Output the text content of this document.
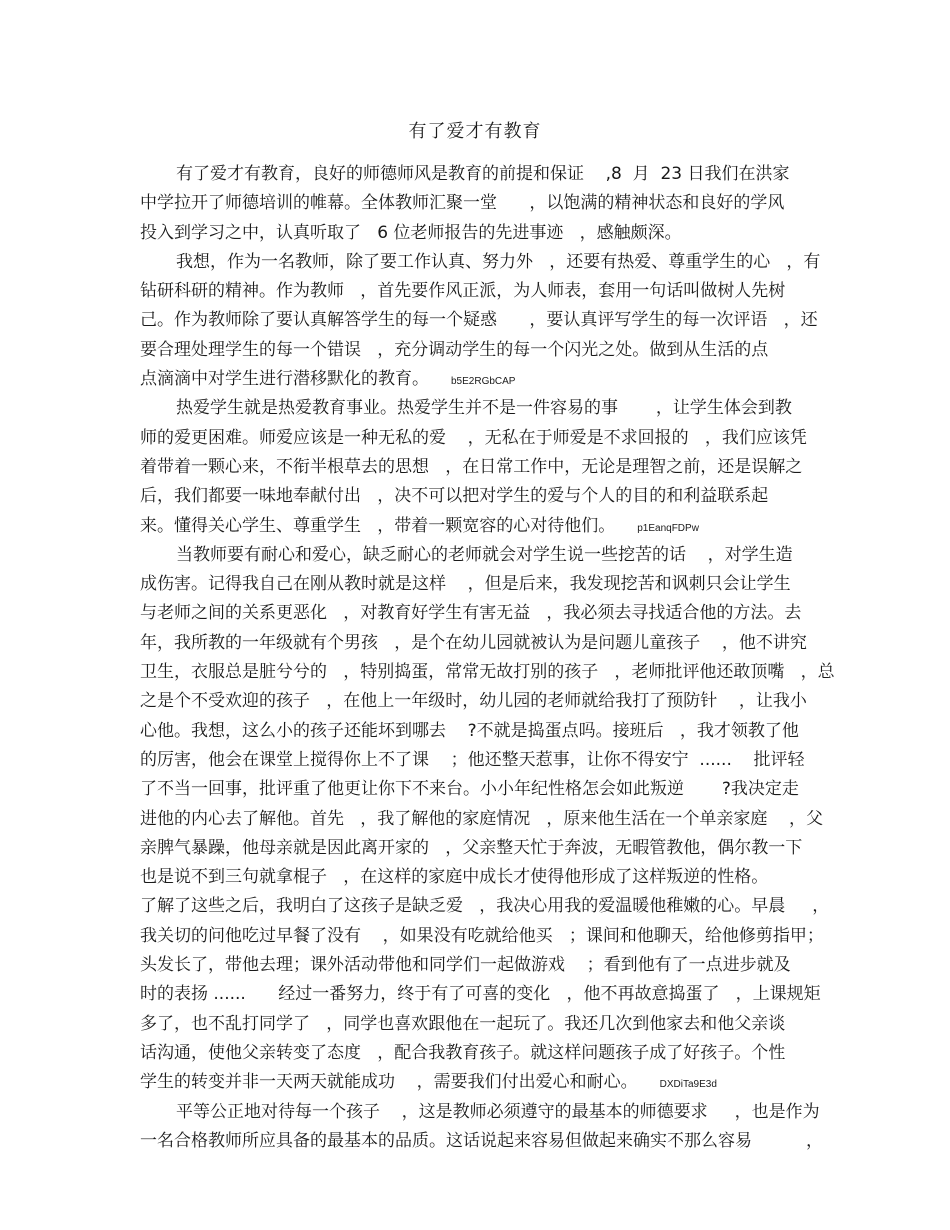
有了爱才有教育
有了爱才有教育，良好的师德师风是教育的前提和保证    ,8  月  23 日我们在洪家
中学拉开了师德培训的帷幕。全体教师汇聚一堂      ，以饱满的精神状态和良好的学风
投入到学习之中，认真听取了   6 位老师报告的先进事迹   ，感触颇深。
我想，作为一名教师，除了要工作认真、努力外   ，还要有热爱、尊重学生的心   ，有
钻研科研的精神。作为教师   ，首先要作风正派，为人师表，套用一句话叫做树人先树
己。作为教师除了要认真解答学生的每一个疑惑      ，要认真评写学生的每一次评语   ，还
要合理处理学生的每一个错误   ，充分调动学生的每一个闪光之处。做到从生活的点
点滴滴中对学生进行潜移默化的教育。 b5E2RGbCAP
热爱学生就是热爱教育事业。热爱学生并不是一件容易的事       ，让学生体会到教
师的爱更困难。师爱应该是一种无私的爱    ，无私在于师爱是不求回报的   ，我们应该凭
着带着一颗心来，不衔半根草去的思想   ，在日常工作中，无论是理智之前，还是误解之
后，我们都要一味地奉献付出   ，决不可以把对学生的爱与个人的目的和利益联系起
来。懂得关心学生、尊重学生   ，带着一颗宽容的心对待他们。 p1EanqFDPw
当教师要有耐心和爱心，缺乏耐心的老师就会对学生说一些挖苦的话    ，对学生造
成伤害。记得我自己在刚从教时就是这样    ，但是后来，我发现挖苦和讽刺只会让学生
与老师之间的关系更恶化   ，对教育好学生有害无益   ，我必须去寻找适合他的方法。去
年，我所教的一年级就有个男孩   ，是个在幼儿园就被认为是问题儿童孩子    ，他不讲究
卫生，衣服总是脏兮兮的   ，特别捣蛋，常常无故打别的孩子   ，老师批评他还敢顶嘴   ，总
之是个不受欢迎的孩子   ，在他上一年级时，幼儿园的老师就给我打了预防针    ，让我小
心他。我想，这么小的孩子还能坏到哪去    ?不就是捣蛋点吗。接班后   ，我才领教了他
的厉害，他会在课堂上搅得你上不了课    ；他还整天惹事，让你不得安宁  ......    批评轻
了不当一回事，批评重了他更让你下不来台。小小年纪性格怎会如此叛逆       ?我决定走
进他的内心去了解他。首先   ，我了解他的家庭情况   ，原来他生活在一个单亲家庭    ，父
亲脾气暴躁，他母亲就是因此离开家的   ，父亲整天忙于奔波，无暇管教他，偶尔教一下
也是说不到三句就拿棍子   ，在这样的家庭中成长才使得他形成了这样叛逆的性格。
了解了这些之后，我明白了这孩子是缺乏爱   ，我决心用我的爱温暖他稚嫩的心。早晨     ，
我关切的问他吃过早餐了没有    ，如果没有吃就给他买   ；课间和他聊天，给他修剪指甲；
头发长了，带他去理；课外活动带他和同学们一起做游戏    ；看到他有了一点进步就及
时的表扬 ......      经过一番努力，终于有了可喜的变化   ，他不再故意捣蛋了   ，上课规矩
多了，也不乱打同学了   ，同学也喜欢跟他在一起玩了。我还几次到他家去和他父亲谈
话沟通，使他父亲转变了态度   ，配合我教育孩子。就这样问题孩子成了好孩子。个性
学生的转变并非一天两天就能成功    ，需要我们付出爱心和耐心。 DXDiTa9E3d
平等公正地对待每一个孩子    ，这是教师必须遵守的最基本的师德要求     ，也是作为
一名合格教师所应具备的最基本的品质。这话说起来容易但做起来确实不那么容易          ，
